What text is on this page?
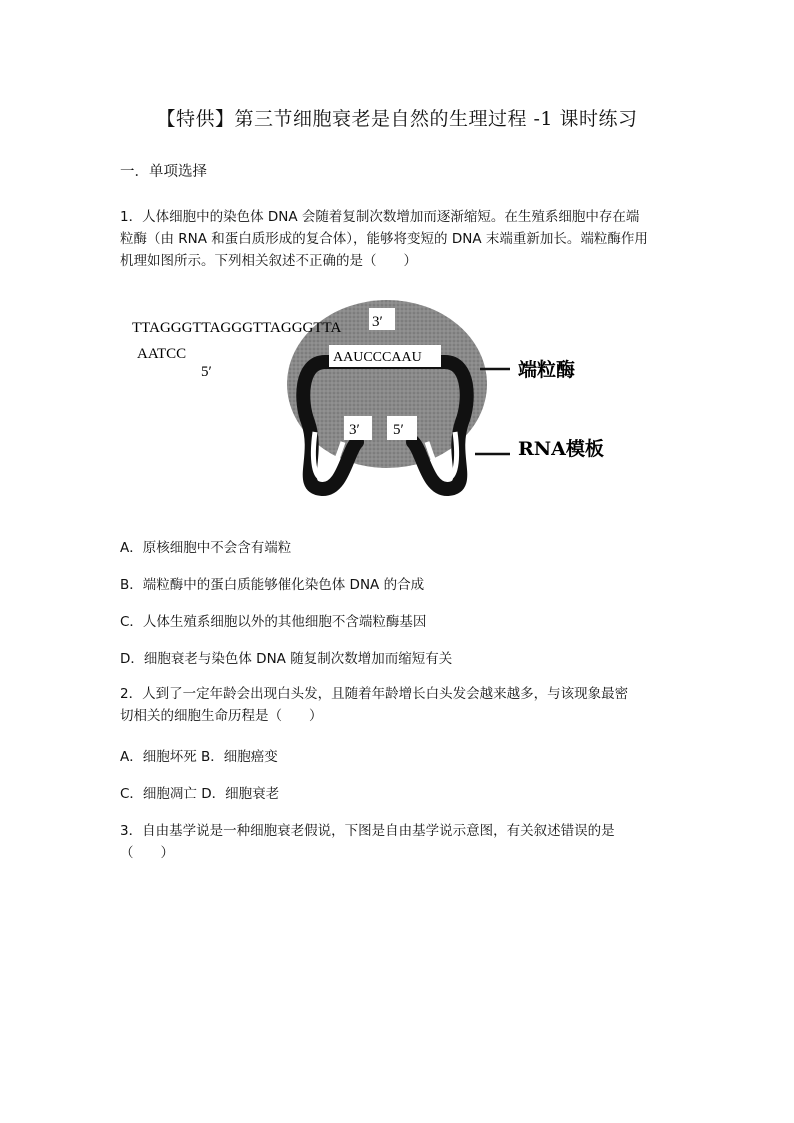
【特供】第三节细胞衰老是自然的生理过程 -1 课时练习
一．单项选择
1．人体细胞中的染色体 DNA 会随着复制次数增加而逐渐缩短。在生殖系细胞中存在端
粒酶（由 RNA 和蛋白质形成的复合体），能够将变短的 DNA 末端重新加长。端粒酶作用
机理如图所示。下列相关叙述不正确的是（　　）
TTAGGGTTAGGGTTAGGGTTA
AATCC
5′
3′
AAUCCCAAU
3′ 5′
端粒酶
RNA模板
A．原核细胞中不会含有端粒
B．端粒酶中的蛋白质能够催化染色体 DNA 的合成
C．人体生殖系细胞以外的其他细胞不含端粒酶基因
D．细胞衰老与染色体 DNA 随复制次数增加而缩短有关
2．人到了一定年龄会出现白头发，且随着年龄增长白头发会越来越多，与该现象最密
切相关的细胞生命历程是（　　）
A．细胞坏死 B．细胞癌变
C．细胞凋亡 D．细胞衰老
3．自由基学说是一种细胞衰老假说，下图是自由基学说示意图，有关叙述错误的是
（　　）
